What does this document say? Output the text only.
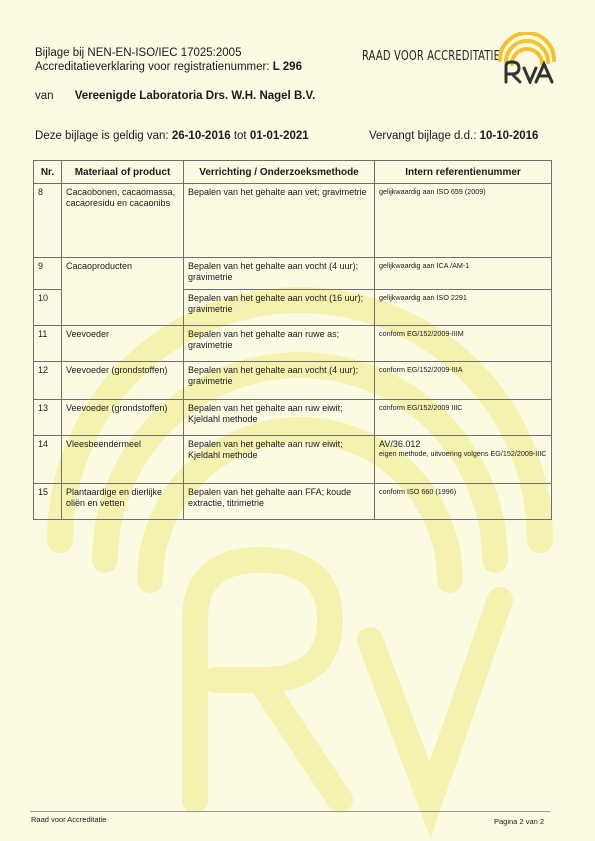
Bijlage bij NEN-EN-ISO/IEC 17025:2005
Accreditatieverklaring voor registratienummer: L 296
van Vereenigde Laboratoria Drs. W.H. Nagel B.V.
RAAD VOOR ACCREDITATIE
Deze bijlage is geldig van: 26-10-2016 tot 01-01-2021	Vervangt bijlage d.d.: 10-10-2016
Nr.	Materiaal of product	Verrichting / Onderzoeksmethode	Intern referentienummer
8	Cacaobonen, cacaomassa, cacaoresidu en cacaonibs	Bepalen van het gehalte aan vet; gravimetrie	gelijkwaardig aan ISO 659 (2009)
9	Cacaoproducten	Bepalen van het gehalte aan vocht (4 uur); gravimetrie	gelijkwaardig aan ICA /AM-1
10		Bepalen van het gehalte aan vocht (16 uur); gravimetrie	gelijkwaardig aan ISO 2291
11	Veevoeder	Bepalen van het gehalte aan ruwe as; gravimetrie	conform EG/152/2009-IIIM
12	Veevoeder (grondstoffen)	Bepalen van het gehalte aan vocht (4 uur); gravimetrie	conform EG/152/2009-IIIA
13	Veevoeder (grondstoffen)	Bepalen van het gehalte aan ruw eiwit; Kjeldahl methode	conform EG/152/2009 IIIC
14	Vleesbeendermeel	Bepalen van het gehalte aan ruw eiwit; Kjeldahl methode	AV/36.012
eigen methode, uitvoering volgens EG/152/2009-IIIC

15	Plantaardige en dierlijke oliën en vetten	Bepalen van het gehalte aan FFA; koude extractie, titrimetrie	conform ISO 660 (1996)
Raad voor Accreditatie	Pagina 2 van 2
